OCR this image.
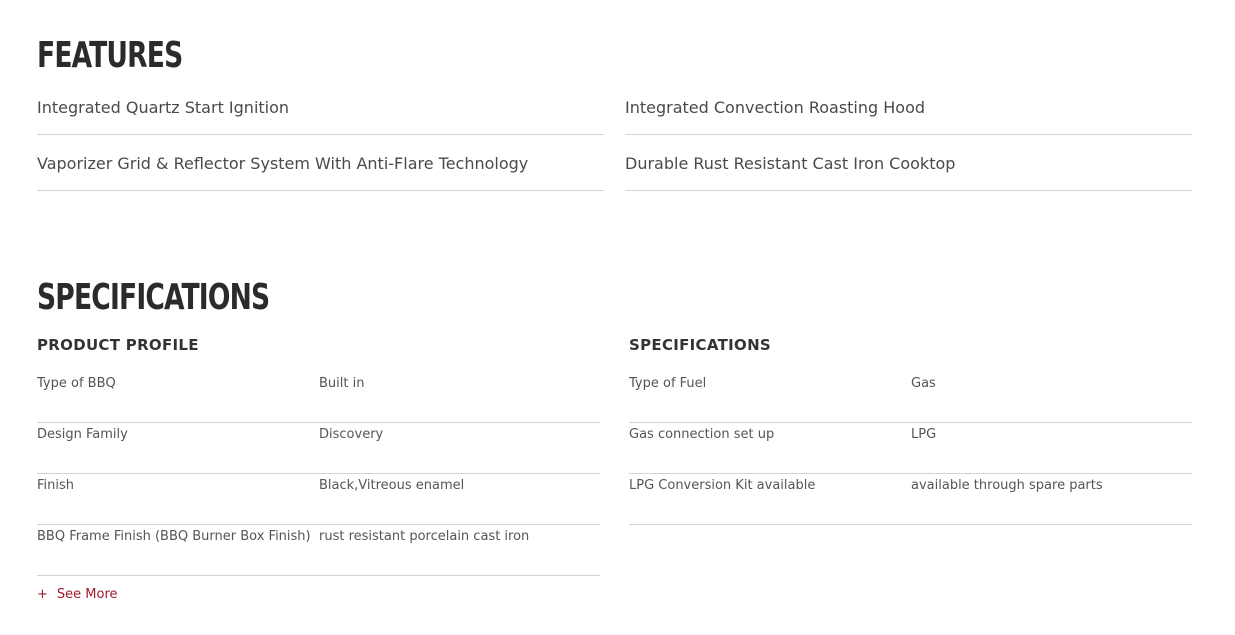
FEATURES
Integrated Quartz Start Ignition
Vaporizer Grid & Reflector System With Anti-Flare Technology
Integrated Convection Roasting Hood
Durable Rust Resistant Cast Iron Cooktop
SPECIFICATIONS
PRODUCT PROFILE
Type of BBQ	Built in
Design Family	Discovery
Finish	Black,Vitreous enamel
BBQ Frame Finish (BBQ Burner Box Finish) rust resistant porcelain cast iron
SPECIFICATIONS
Type of Fuel	Gas
Gas connection set up	LPG
LPG Conversion Kit available	available through spare parts
+ See More
